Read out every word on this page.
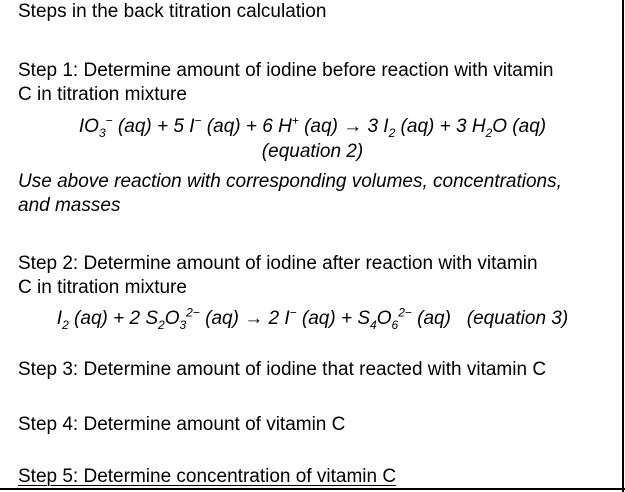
Steps in the back titration calculation
Step 1: Determine amount of iodine before reaction with vitamin
C in titration mixture
$IO_3^-$ (aq) + 5 I− (aq) + 6 H+ (aq) → 3 $I_2$ (aq) + 3 $H_2O$ (aq)
(equation 2)
Use above reaction with corresponding volumes, concentrations,
and masses
Step 2: Determine amount of iodine after reaction with vitamin
C in titration mixture
$I_2$ (aq) + 2 $S_2O_3^{2-}$ (aq) → 2 I− $(aq) + S_4O_6^{2-}$ (aq)   (equation 3)
Step 3: Determine amount of iodine that reacted with vitamin C
Step 4: Determine amount of vitamin C
Step 5: Determine concentration of vitamin C
